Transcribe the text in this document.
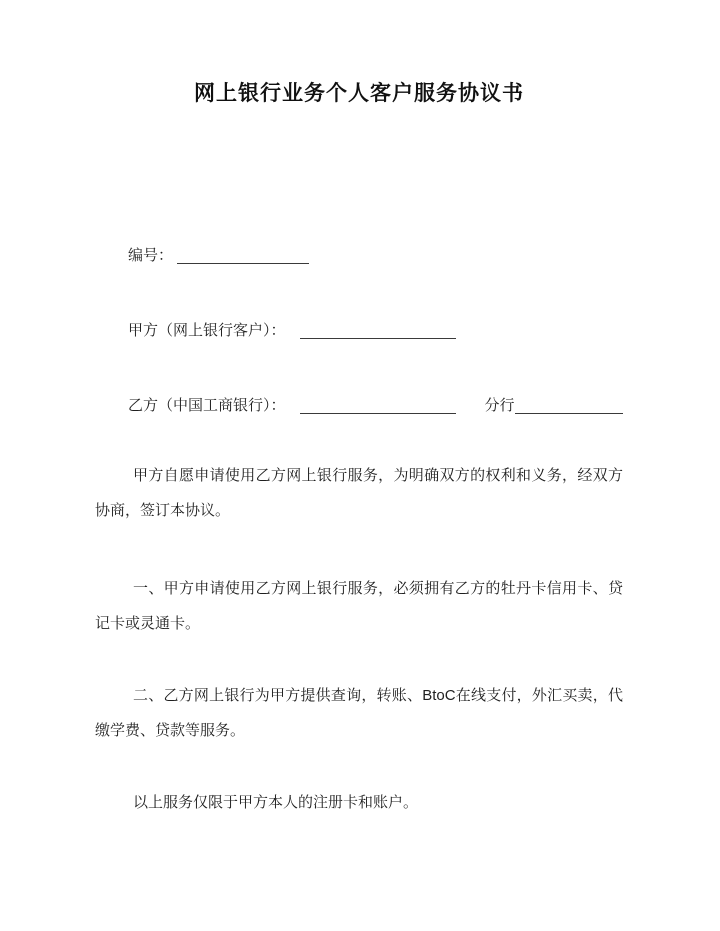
网上银行业务个人客户服务协议书
编号：
甲方（网上银行客户）：
乙方（中国工商银行）：	分行

甲方自愿申请使用乙方网上银行服务，为明确双方的权利和义务，经双方协商，签订本协议。

一、甲方申请使用乙方网上银行服务，必须拥有乙方的牡丹卡信用卡、贷记卡或灵通卡。

二、乙方网上银行为甲方提供查询，转账、BtoC在线支付，外汇买卖，代缴学费、贷款等服务。

以上服务仅限于甲方本人的注册卡和账户。
